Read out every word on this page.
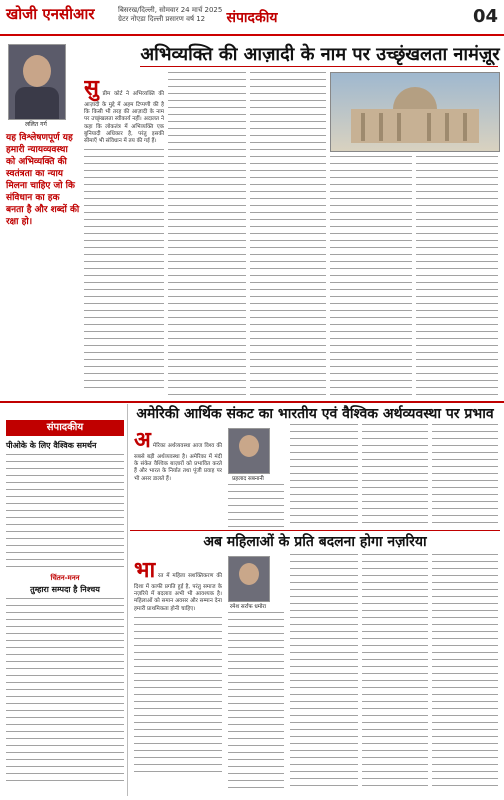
खोजी एनसीआर	बिसरख/दिल्ली, सोमवार 24 मार्च 2025
ग्रेटर नोएडा दिल्ली प्रसारण वर्ष 12	संपादकीय	04
अभिव्यक्ति की आज़ादी के नाम पर उच्छृंखलता नामंज़ूर
ललित गर्ग
यह विश्लेषणपूर्ण यह हमारी न्यायव्यवस्था को अभिव्यक्ति की स्वतंत्रता का न्याय मिलना चाहिए जो कि संविधान का हक बनता है और शब्दों की रक्षा हो।
सु प्रीम कोर्ट ने अभिव्यक्ति की आज़ादी के मुद्दे में अहम टिप्पणी की है कि किसी भी तरह की आज़ादी के नाम पर उच्छृंखलता स्वीकार्य नहीं। अदालत ने कहा कि लोकतंत्र में अभिव्यक्ति एक बुनियादी अधिकार है, परंतु इसकी सीमाएँ भी संविधान में तय की गई हैं।
संपादकीय
पीओके के लिए वैश्विक समर्थन
चिंतन-मनन
तुम्हारा सम्पदा है निश्चय
अमेरिकी आर्थिक संकट का भारतीय एवं वैश्विक अर्थव्यवस्था पर प्रभाव
अ मेरिका अर्थव्यवस्था आज विश्व की सबसे बड़ी अर्थव्यवस्था है। अमेरिका में मंदी के संकेत वैश्विक बाज़ारों को प्रभावित करते हैं और भारत के निर्यात तथा पूंजी प्रवाह पर भी असर डालते हैं।	प्रहलाद सबनानी
अब महिलाओं के प्रति बदलना होगा नज़रिया
भा रत में महिला सशक्तिकरण की दिशा में काफी प्रगति हुई है, परंतु समाज के नज़रिये में बदलाव अभी भी आवश्यक है। महिलाओं को समान अवसर और सम्मान देना हमारी प्राथमिकता होनी चाहिए।	रमेश सर्राफ धमोरा
